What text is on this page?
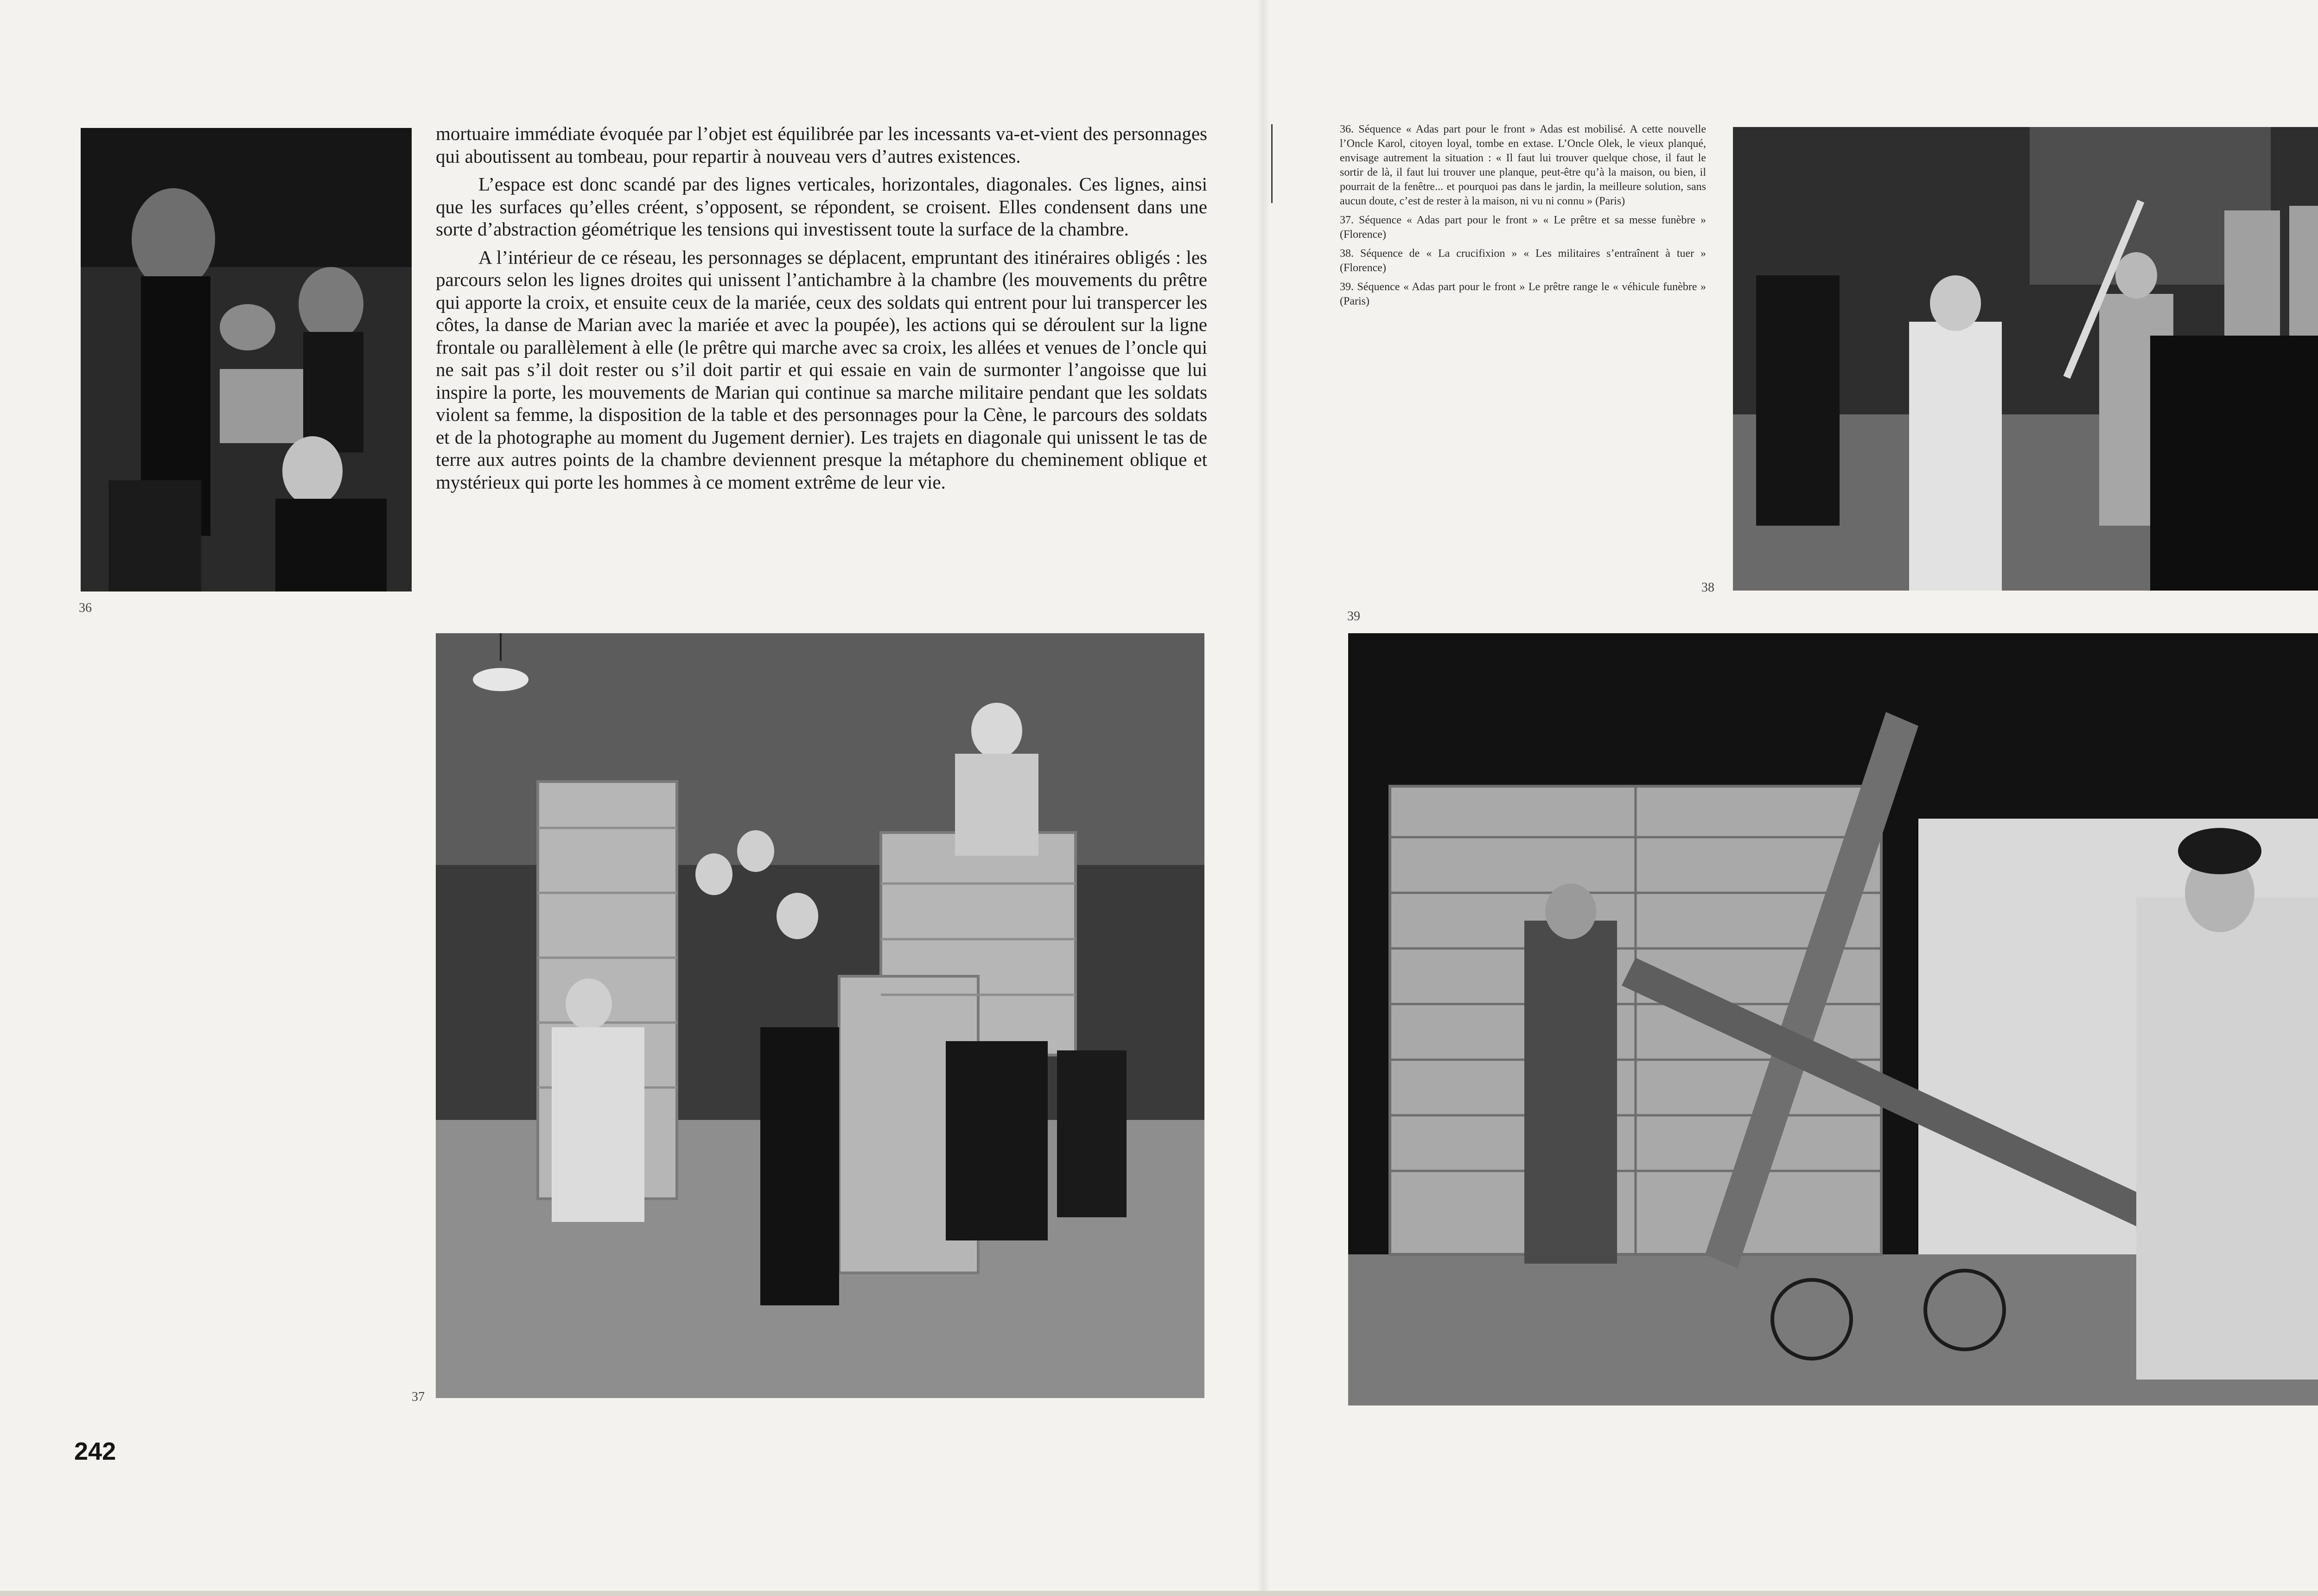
36

mortuaire immédiate évoquée par l’objet est équilibrée par les incessants va-et-vient des personnages qui aboutissent au tombeau, pour repartir à nouveau vers d’autres existences.

L’espace est donc scandé par des lignes verticales, horizontales, diagonales. Ces lignes, ainsi que les surfaces qu’elles créent, s’opposent, se répondent, se croisent. Elles condensent dans une sorte d’abstraction géométrique les tensions qui investissent toute la surface de la chambre.

A l’intérieur de ce réseau, les personnages se déplacent, empruntant des itinéraires obligés : les parcours selon les lignes droites qui unissent l’antichambre à la chambre (les mouvements du prêtre qui apporte la croix, et ensuite ceux de la mariée, ceux des soldats qui entrent pour lui transpercer les côtes, la danse de Marian avec la mariée et avec la poupée), les actions qui se déroulent sur la ligne frontale ou parallèlement à elle (le prêtre qui marche avec sa croix, les allées et venues de l’oncle qui ne sait pas s’il doit rester ou s’il doit partir et qui essaie en vain de surmonter l’angoisse que lui inspire la porte, les mouvements de Marian qui continue sa marche militaire pendant que les soldats violent sa femme, la disposition de la table et des personnages pour la Cène, le parcours des soldats et de la photographe au moment du Jugement dernier). Les trajets en diagonale qui unissent le tas de terre aux autres points de la chambre deviennent presque la métaphore du cheminement oblique et mystérieux qui porte les hommes à ce moment extrême de leur vie.

37

36. Séquence « Adas part pour le front » Adas est mobilisé. A cette nouvelle l’Oncle Karol, citoyen loyal, tombe en extase. L’Oncle Olek, le vieux planqué, envisage autrement la situation : « Il faut lui trouver quelque chose, il faut le sortir de là, il faut lui trouver une planque, peut-être qu’à la maison, ou bien, il pourrait de la fenêtre... et pourquoi pas dans le jardin, la meilleure solution, sans aucun doute, c’est de rester à la maison, ni vu ni connu » (Paris)

37. Séquence « Adas part pour le front » « Le prêtre et sa messe funèbre » (Florence)

38. Séquence de « La crucifixion » « Les militaires s’entraînent à tuer » (Florence)

39. Séquence « Adas part pour le front » Le prêtre range le « véhicule funèbre » (Paris)

38
39
242
